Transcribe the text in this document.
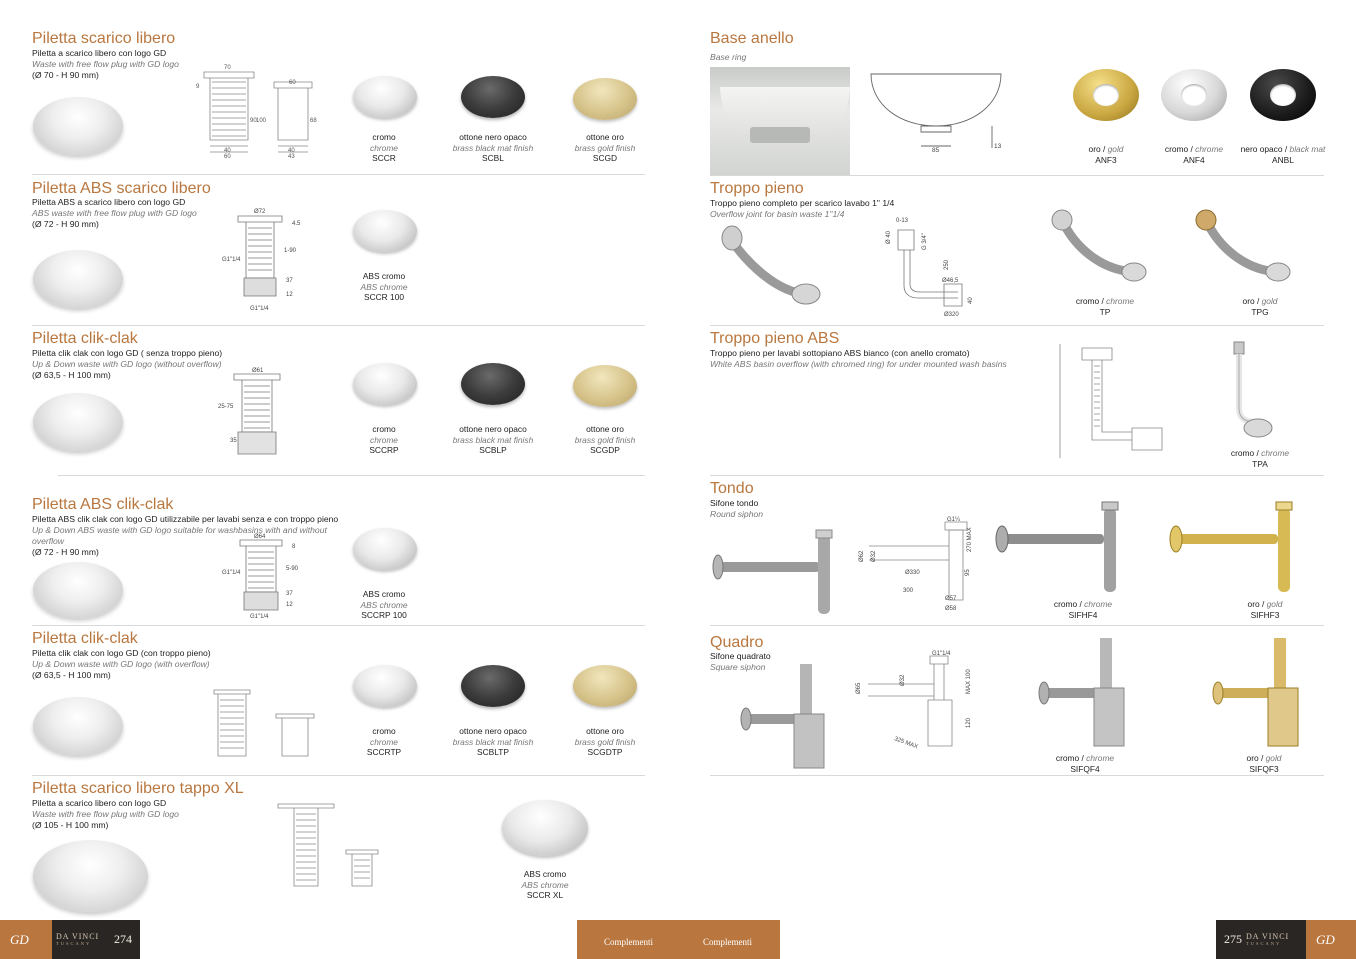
Piletta scarico libero
Piletta a scarico libero con logo GD
Waste with free flow plug with GD logo
(Ø 70 - H 90 mm)
70
60
9
90 100
40
60
68
40
43
cromo
chrome
SCCR
ottone nero opaco
brass black mat finish
SCBL
ottone oro
brass gold finish
SCGD
Piletta ABS scarico libero
Piletta ABS a scarico libero con logo GD
ABS waste with free flow plug with GD logo
(Ø 72 - H 90 mm)
Ø72
4.5
G1"1/4
1-90
37
12
G1"1/4
ABS cromo
ABS chrome
SCCR 100
Piletta clik-clak
Piletta clik clak con logo GD ( senza troppo pieno)
Up & Down waste with GD logo (without overflow)
(Ø 63,5 - H 100 mm)	Ø61
25-75
35
cromo
chrome
SCCRP
ottone nero opaco
brass black mat finish
SCBLP
ottone oro
brass gold finish
SCGDP
Piletta ABS clik-clak
Piletta ABS clik clak con logo GD utilizzabile per lavabi senza e con troppo pieno
Up & Down ABS waste with GD logo suitable for washbasins with and without
overflow
(Ø 72 - H 90 mm)
Ø64
8
G1"1/4
5-90
37
12
G1"1/4
ABS cromo
ABS chrome
SCCRP 100
Piletta clik-clak
Piletta clik clak con logo GD (con troppo pieno)
Up & Down waste with GD logo (with overflow)
(Ø 63,5 - H 100 mm)
cromo
chrome
SCCRTP
ottone nero opaco
brass black mat finish
SCBLTP
ottone oro
brass gold finish
SCGDTP
Piletta scarico libero tappo XL
Piletta a scarico libero con logo GD
Waste with free flow plug with GD logo
(Ø 105 - H 100 mm)
ABS cromo
ABS chrome
SCCR XL
Base anello
Base ring
85
13	oro / gold
ANF3
cromo / chrome
ANF4
nero opaco / black mat
ANBL
Troppo pieno
Troppo pieno completo per scarico lavabo 1" 1/4
Overflow joint for basin waste 1"1/4
0-13
Ø 40	G 3/4"
250
Ø46,5
40
Ø320
cromo / chrome
TP
oro / gold
TPG
Troppo pieno ABS
Troppo pieno per lavabi sottopiano ABS bianco (con anello cromato)
White ABS basin overflow (with chromed ring) for under mounted wash basins
cromo / chrome
TPA
Tondo
Sifone tondo
Round siphon
G1¼
Ø62 Ø32
Ø330
300
Ø57
Ø58
95
270 MAX
cromo / chrome
SIFHF4
oro / gold
SIFHF3
Quadro
Sifone quadrato
Square siphon
G1"1/4
Ø65
Ø32	MAX 100
120
325 MAX
cromo / chrome
SIFQF4
oro / gold
SIFQF3
GD	DA VINCI
TUSCANY	274	Complementi	Complementi	275 DA VINCI
TUSCANY	GD
